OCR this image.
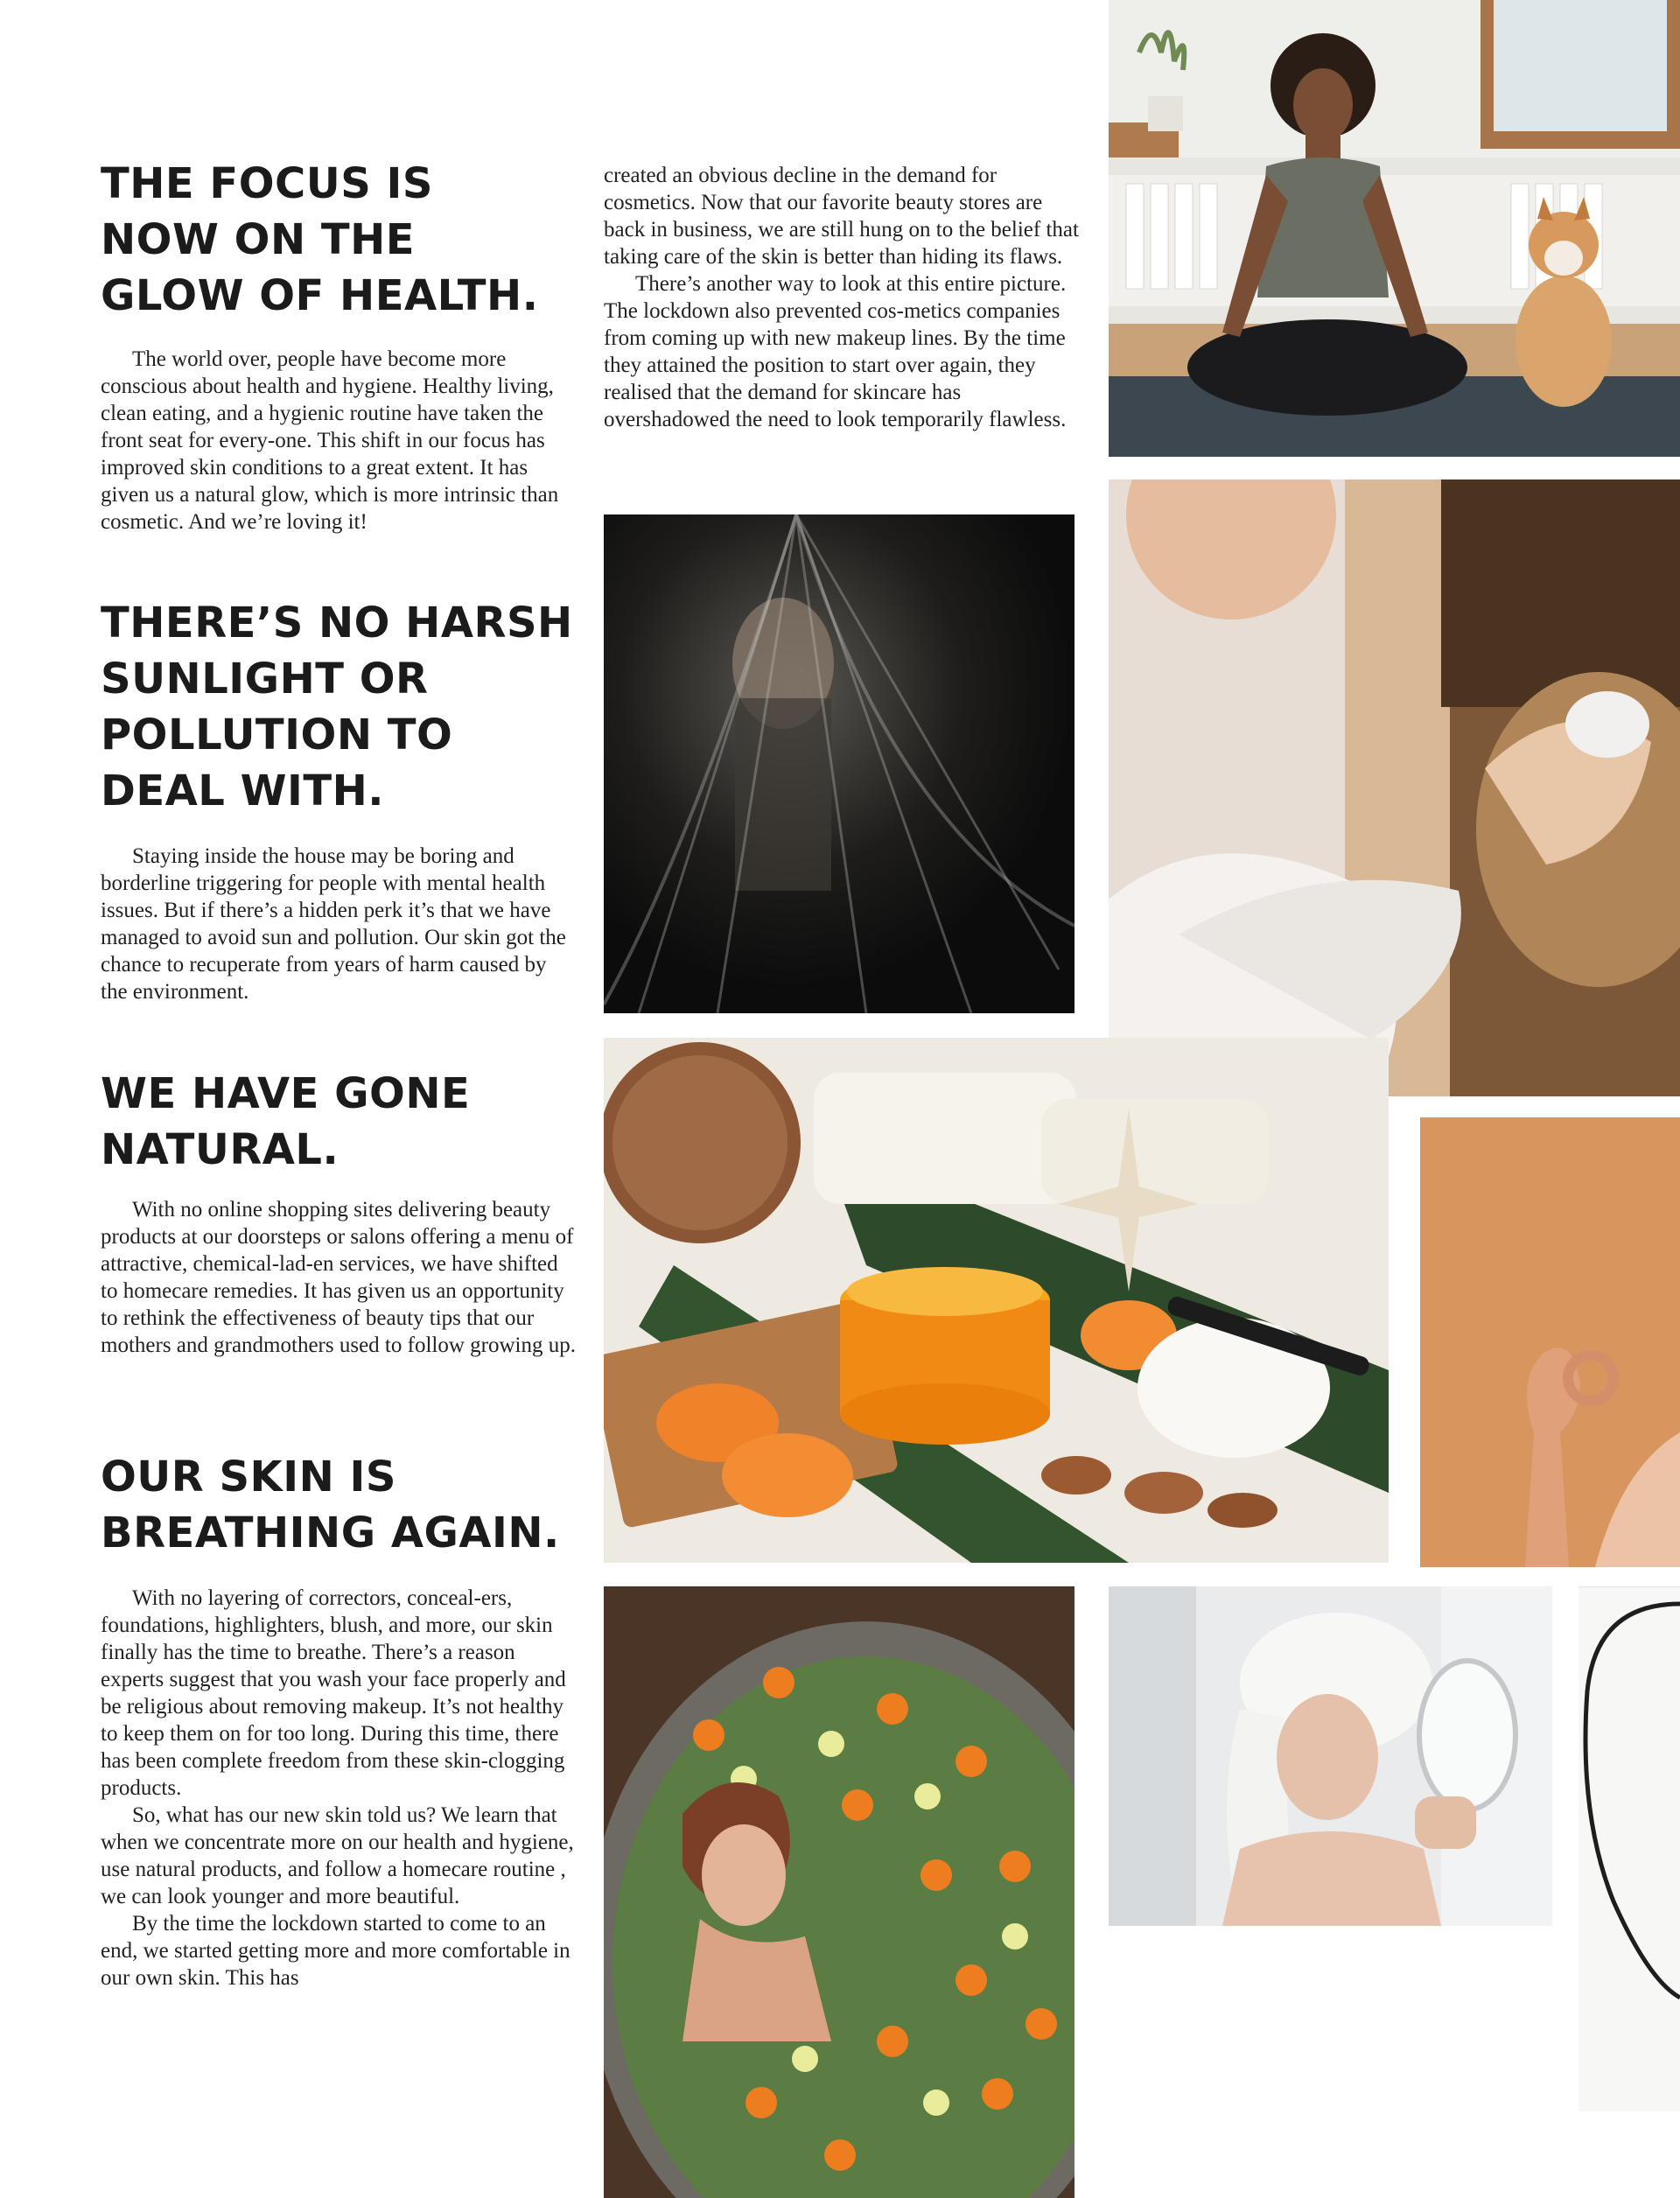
THE FOCUS IS NOW ON THE GLOW OF HEALTH.

The world over, people have become more conscious about health and hygiene. Healthy living, clean eating, and a hygienic routine have taken the front seat for every-one. This shift in our focus has improved skin conditions to a great extent. It has given us a natural glow, which is more intrinsic than cosmetic. And we’re loving it!

THERE’S NO HARSH SUNLIGHT OR POLLUTION TO DEAL WITH.

Staying inside the house may be boring and borderline triggering for people with mental health issues. But if there’s a hidden perk it’s that we have managed to avoid sun and pollution. Our skin got the chance to recuperate from years of harm caused by the environment.

WE HAVE GONE NATURAL.

With no online shopping sites delivering beauty products at our doorsteps or salons offering a menu of attractive, chemical-lad-en services, we have shifted to homecare remedies. It has given us an opportunity to rethink the effectiveness of beauty tips that our mothers and grandmothers used to follow growing up.

OUR SKIN IS BREATHING AGAIN.

With no layering of correctors, conceal-ers, foundations, highlighters, blush, and more, our skin finally has the time to breathe. There’s a reason experts suggest that you wash your face properly and be religious about removing makeup. It’s not healthy to keep them on for too long. During this time, there has been complete freedom from these skin-clogging products.

So, what has our new skin told us? We learn that when we concentrate more on our health and hygiene, use natural products, and follow a homecare routine , we can look younger and more beautiful.

By the time the lockdown started to come to an end, we started getting more and more comfortable in our own skin. This has

created an obvious decline in the demand for cosmetics. Now that our favorite beauty stores are back in business, we are still hung on to the belief that taking care of the skin is better than hiding its flaws.

There’s another way to look at this entire picture. The lockdown also prevented cos-metics companies from coming up with new makeup lines. By the time they attained the position to start over again, they realised that the demand for skincare has overshadowed the need to look temporarily flawless.
